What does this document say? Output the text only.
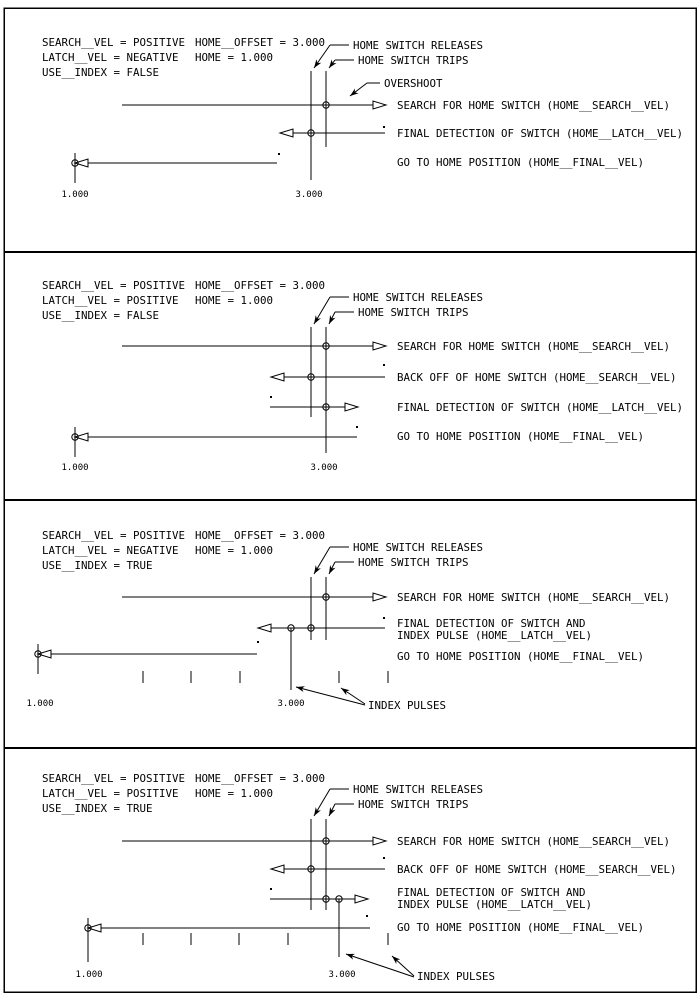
SEARCH__VEL = POSITIVE HOME__OFFSET = 3.000
LATCH__VEL = NEGATIVE HOME = 1.000
USE__INDEX = FALSE
HOME SWITCH RELEASES
HOME SWITCH TRIPS
OVERSHOOT
SEARCH FOR HOME SWITCH (HOME__SEARCH__VEL)
FINAL DETECTION OF SWITCH (HOME__LATCH__VEL)
GO TO HOME POSITION (HOME__FINAL__VEL)
1.000	3.000
SEARCH__VEL = POSITIVE HOME__OFFSET = 3.000
LATCH__VEL = POSITIVE HOME = 1.000
USE__INDEX = FALSE
HOME SWITCH RELEASES
HOME SWITCH TRIPS
SEARCH FOR HOME SWITCH (HOME__SEARCH__VEL)
BACK OFF OF HOME SWITCH (HOME__SEARCH__VEL)
FINAL DETECTION OF SWITCH (HOME__LATCH__VEL)
GO TO HOME POSITION (HOME__FINAL__VEL)
1.000	3.000
SEARCH__VEL = POSITIVE HOME__OFFSET = 3.000
LATCH__VEL = NEGATIVE HOME = 1.000
USE__INDEX = TRUE
HOME SWITCH RELEASES
HOME SWITCH TRIPS
SEARCH FOR HOME SWITCH (HOME__SEARCH__VEL)
FINAL DETECTION OF SWITCH AND
INDEX PULSE (HOME__LATCH__VEL)
GO TO HOME POSITION (HOME__FINAL__VEL)
1.000	3.000	INDEX PULSES
SEARCH__VEL = POSITIVE HOME__OFFSET = 3.000
LATCH__VEL = POSITIVE HOME = 1.000
USE__INDEX = TRUE
HOME SWITCH RELEASES
HOME SWITCH TRIPS
SEARCH FOR HOME SWITCH (HOME__SEARCH__VEL)
BACK OFF OF HOME SWITCH (HOME__SEARCH__VEL)
FINAL DETECTION OF SWITCH AND
INDEX PULSE (HOME__LATCH__VEL)
GO TO HOME POSITION (HOME__FINAL__VEL)
1.000	3.000	INDEX PULSES
